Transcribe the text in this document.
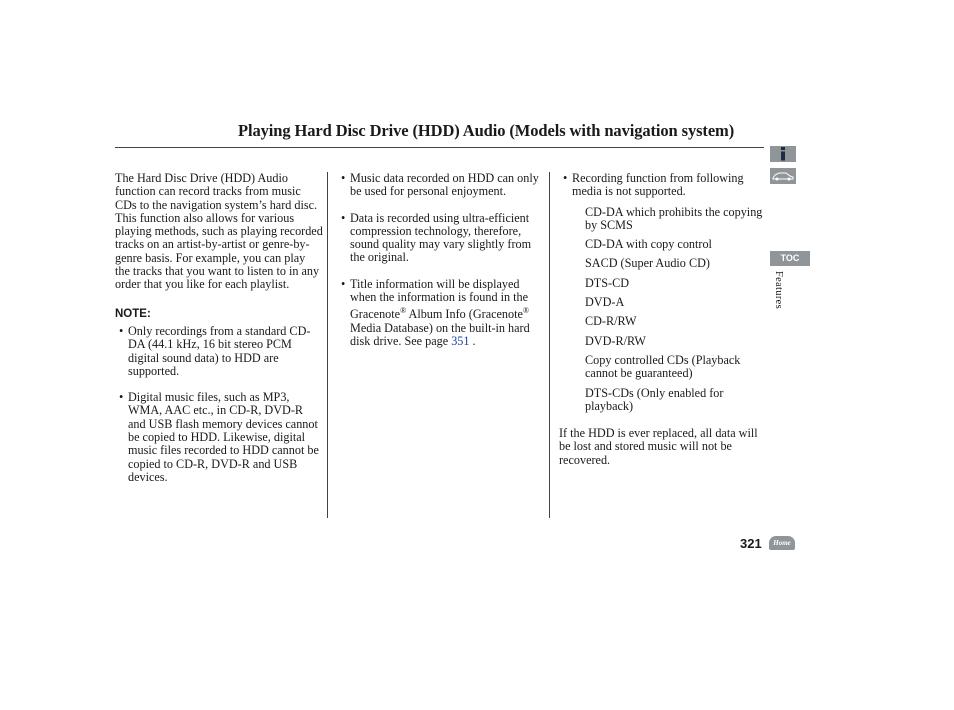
Playing Hard Disc Drive (HDD) Audio (Models with navigation system)

The Hard Disc Drive (HDD) Audio function can record tracks from music CDs to the navigation system’s hard disc. This function also allows for various playing methods, such as playing recorded tracks on an artist-by-artist or genre-by-genre basis. For example, you can play the tracks that you want to listen to in any order that you like for each playlist.

NOTE:

• Only recordings from a standard CD-DA (44.1 kHz, 16 bit stereo PCM digital sound data) to HDD are supported.

• Digital music files, such as MP3, WMA, AAC etc., in CD-R, DVD-R and USB flash memory devices cannot be copied to HDD. Likewise, digital music files recorded to HDD cannot be copied to CD-R, DVD-R and USB devices.

• Music data recorded on HDD can only be used for personal enjoyment.

• Data is recorded using ultra-efficient compression technology, therefore, sound quality may vary slightly from the original.

• Title information will be displayed when the information is found in the Gracenote® Album Info (Gracenote® Media Database) on the built-in hard disk drive. See page 351 .

• Recording function from following media is not supported.

CD-DA which prohibits the copying by SCMS

CD-DA with copy control

SACD (Super Audio CD)

DTS-CD

DVD-A

CD-R/RW

DVD-R/RW

Copy controlled CDs (Playback cannot be guaranteed)

DTS-CDs (Only enabled for playback)

If the HDD is ever replaced, all data will be lost and stored music will not be recovered.

TOC
Features
321	Home
